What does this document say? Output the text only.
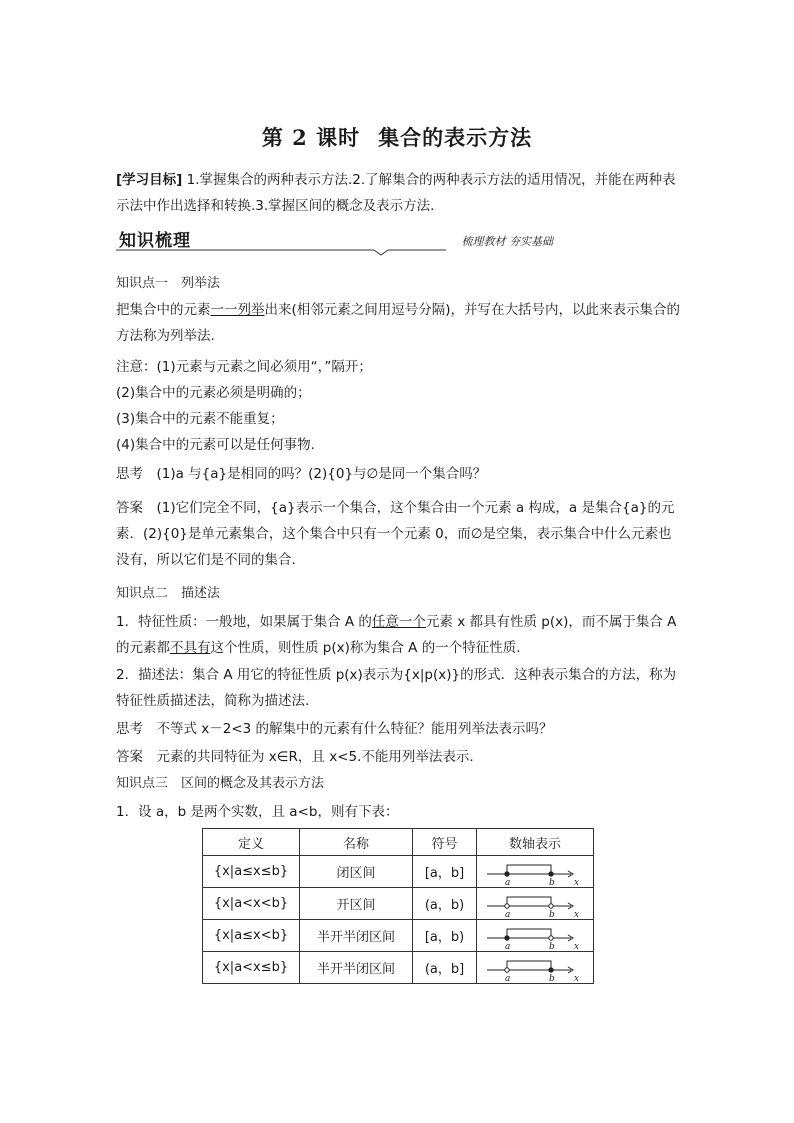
第 2 课时 集合的表示方法
[学习目标] 1.掌握集合的两种表示方法.2.了解集合的两种表示方法的适用情况，并能在两种表示法中作出选择和转换.3.掌握区间的概念及表示方法.
知识梳理	梳理教材 夯实基础
知识点一　列举法
把集合中的元素一一列举出来(相邻元素之间用逗号分隔)，并写在大括号内，以此来表示集合的方法称为列举法.
注意：(1)元素与元素之间必须用“，”隔开；
(2)集合中的元素必须是明确的；
(3)集合中的元素不能重复；
(4)集合中的元素可以是任何事物.
思考　(1)a 与{a}是相同的吗？(2){0}与∅是同一个集合吗？
答案　(1)它们完全不同，{a}表示一个集合，这个集合由一个元素 a 构成，a 是集合{a}的元素．(2){0}是单元素集合，这个集合中只有一个元素 0，而∅是空集，表示集合中什么元素也没有，所以它们是不同的集合.
知识点二　描述法
1．特征性质：一般地，如果属于集合 A 的任意一个元素 x 都具有性质 p(x)，而不属于集合 A 的元素都不具有这个性质，则性质 p(x)称为集合 A 的一个特征性质.
2．描述法：集合 A 用它的特征性质 p(x)表示为{x|p(x)}的形式．这种表示集合的方法，称为特征性质描述法，简称为描述法.
思考　不等式 x－2<3 的解集中的元素有什么特征？能用列举法表示吗？
答案　元素的共同特征为 x∈R，且 x<5.不能用列举法表示.
知识点三　区间的概念及其表示方法
1．设 a，b 是两个实数，且 a<b，则有下表：
定义	名称	符号	数轴表示
{x|a≤x≤b}	闭区间	[a，b]	a b x

{x|a<x<b}	开区间	(a，b)	a b x

{x|a≤x<b}	半开半闭区间	[a，b)	a b x

{x|a<x≤b}	半开半闭区间	(a，b]	a b x
